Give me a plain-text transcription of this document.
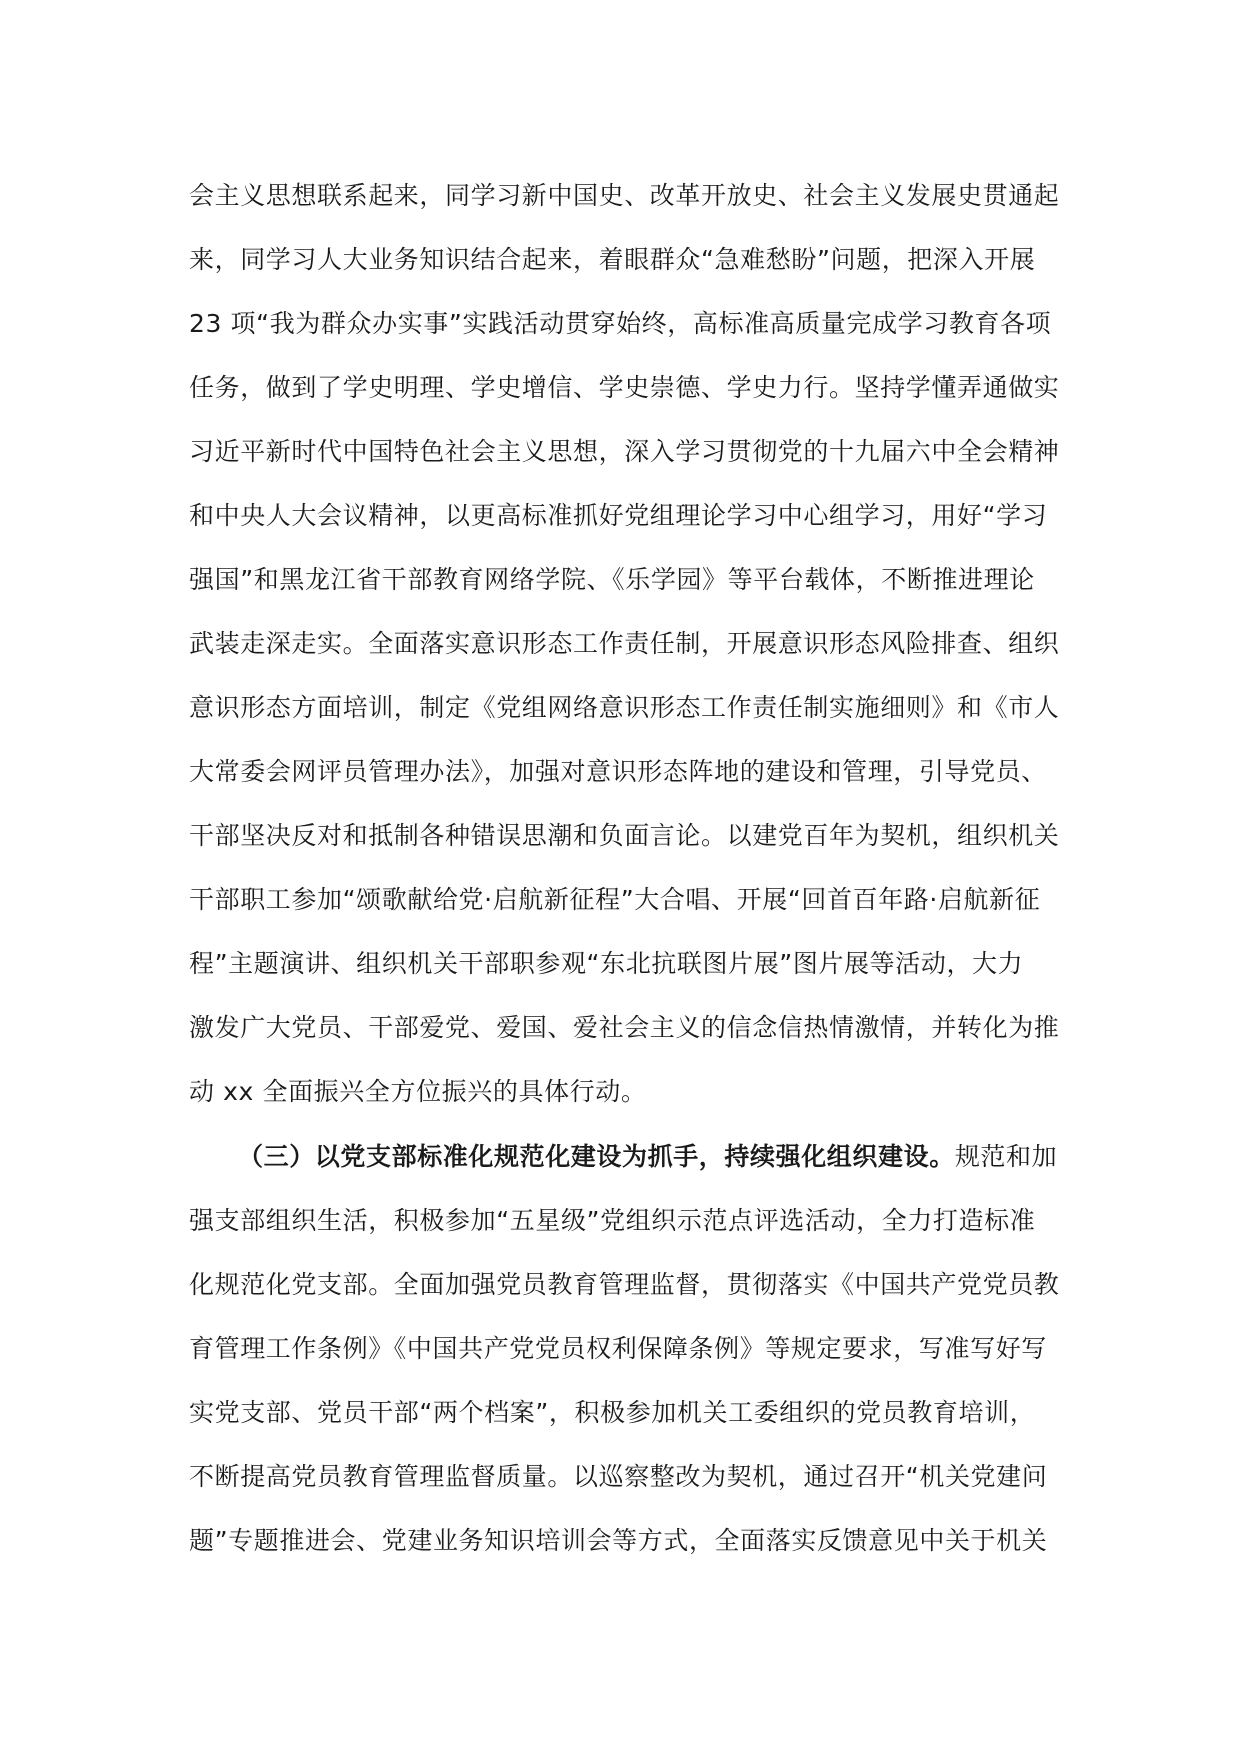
会主义思想联系起来，同学习新中国史、改革开放史、社会主义发展史贯通起
来，同学习人大业务知识结合起来，着眼群众“急难愁盼”问题，把深入开展
23 项“我为群众办实事”实践活动贯穿始终，高标准高质量完成学习教育各项
任务，做到了学史明理、学史增信、学史崇德、学史力行。坚持学懂弄通做实
习近平新时代中国特色社会主义思想，深入学习贯彻党的十九届六中全会精神
和中央人大会议精神，以更高标准抓好党组理论学习中心组学习，用好“学习
强国”和黑龙江省干部教育网络学院、《乐学园》等平台载体，不断推进理论
武装走深走实。全面落实意识形态工作责任制，开展意识形态风险排查、组织
意识形态方面培训，制定《党组网络意识形态工作责任制实施细则》和《市人
大常委会网评员管理办法》，加强对意识形态阵地的建设和管理，引导党员、
干部坚决反对和抵制各种错误思潮和负面言论。以建党百年为契机，组织机关
干部职工参加“颂歌献给党·启航新征程”大合唱、开展“回首百年路·启航新征
程”主题演讲、组织机关干部职参观“东北抗联图片展”图片展等活动，大力
激发广大党员、干部爱党、爱国、爱社会主义的信念信热情激情，并转化为推
动 xx 全面振兴全方位振兴的具体行动。
（三）以党支部标准化规范化建设为抓手，持续强化组织建设。规范和加
强支部组织生活，积极参加“五星级”党组织示范点评选活动，全力打造标准
化规范化党支部。全面加强党员教育管理监督，贯彻落实《中国共产党党员教
育管理工作条例》《中国共产党党员权利保障条例》等规定要求，写准写好写
实党支部、党员干部“两个档案”，积极参加机关工委组织的党员教育培训，
不断提高党员教育管理监督质量。以巡察整改为契机，通过召开“机关党建问
题”专题推进会、党建业务知识培训会等方式，全面落实反馈意见中关于机关
